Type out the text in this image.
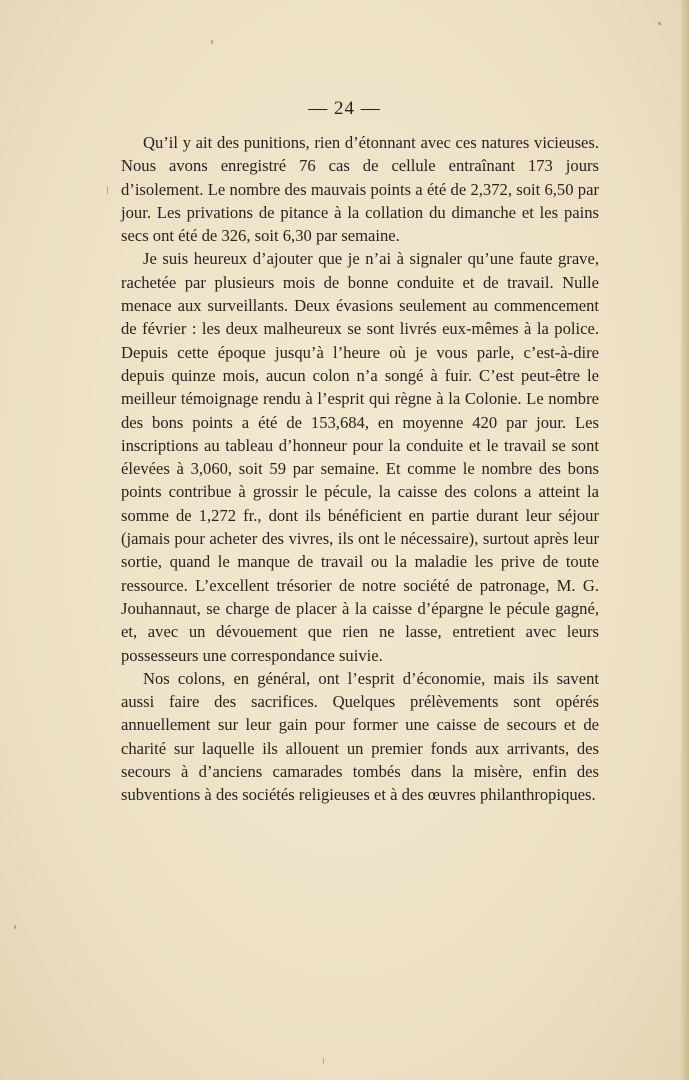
— 24 —

Qu’il y ait des punitions, rien d’étonnant avec ces natures vicieuses. Nous avons enregistré 76 cas de cellule entraînant 173 jours d’isolement. Le nombre des mauvais points a été de 2,372, soit 6,50 par jour. Les privations de pitance à la collation du dimanche et les pains secs ont été de 326, soit 6,30 par semaine.

Je suis heureux d’ajouter que je n’ai à signaler qu’une faute grave, rachetée par plusieurs mois de bonne conduite et de travail. Nulle menace aux surveillants. Deux évasions seulement au commencement de février : les deux malheureux se sont livrés eux-mêmes à la police. Depuis cette époque jusqu’à l’heure où je vous parle, c’est-à-dire depuis quinze mois, aucun colon n’a songé à fuir. C’est peut-être le meilleur témoignage rendu à l’esprit qui règne à la Colonie. Le nombre des bons points a été de 153,684, en moyenne 420 par jour. Les inscriptions au tableau d’honneur pour la conduite et le travail se sont élevées à 3,060, soit 59 par semaine. Et comme le nombre des bons points contribue à grossir le pécule, la caisse des colons a atteint la somme de 1,272 fr., dont ils bénéficient en partie durant leur séjour (jamais pour acheter des vivres, ils ont le nécessaire), surtout après leur sortie, quand le manque de travail ou la maladie les prive de toute ressource. L’excellent trésorier de notre société de patronage, M. G. Jouhannaut, se charge de placer à la caisse d’épargne le pécule gagné, et, avec un dévouement que rien ne lasse, entretient avec leurs possesseurs une correspondance suivie.

Nos colons, en général, ont l’esprit d’économie, mais ils savent aussi faire des sacrifices. Quelques prélèvements sont opérés annuellement sur leur gain pour former une caisse de secours et de charité sur laquelle ils allouent un premier fonds aux arrivants, des secours à d’anciens camarades tombés dans la misère, enfin des subventions à des sociétés religieuses et à des œuvres philanthropiques.
